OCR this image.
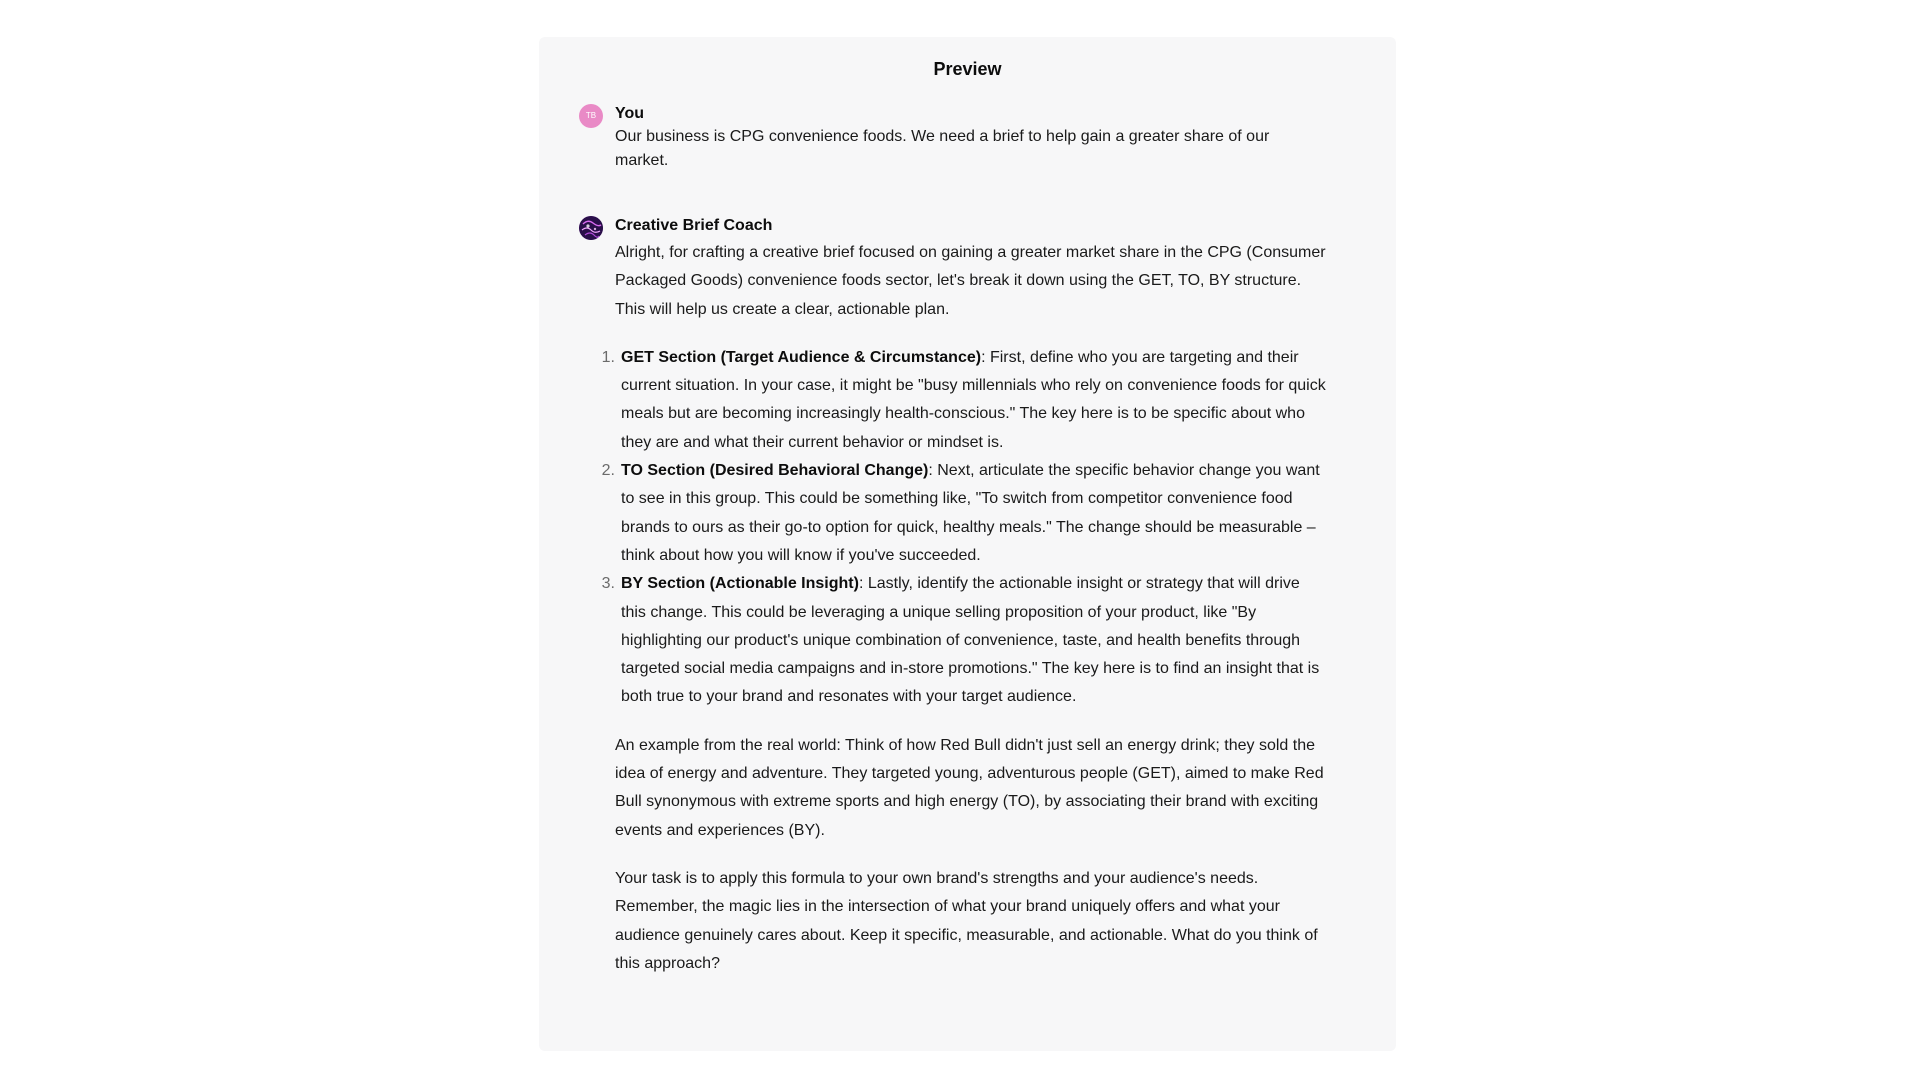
Preview
TB	You
Our business is CPG convenience foods. We need a brief to help gain a greater share of our market.
Creative Brief Coach

Alright, for crafting a creative brief focused on gaining a greater market share in the CPG (Consumer Packaged Goods) convenience foods sector, let's break it down using the GET, TO, BY structure. This will help us create a clear, actionable plan.

1. GET Section (Target Audience & Circumstance): First, define who you are targeting and their current situation. In your case, it might be "busy millennials who rely on convenience foods for quick meals but are becoming increasingly health-conscious." The key here is to be specific about who they are and what their current behavior or mindset is.
2. TO Section (Desired Behavioral Change): Next, articulate the specific behavior change you want to see in this group. This could be something like, "To switch from competitor convenience food brands to ours as their go-to option for quick, healthy meals." The change should be measurable – think about how you will know if you've succeeded.
3. BY Section (Actionable Insight): Lastly, identify the actionable insight or strategy that will drive this change. This could be leveraging a unique selling proposition of your product, like "By highlighting our product's unique combination of convenience, taste, and health benefits through targeted social media campaigns and in-store promotions." The key here is to find an insight that is both true to your brand and resonates with your target audience.

An example from the real world: Think of how Red Bull didn't just sell an energy drink; they sold the idea of energy and adventure. They targeted young, adventurous people (GET), aimed to make Red Bull synonymous with extreme sports and high energy (TO), by associating their brand with exciting events and experiences (BY).

Your task is to apply this formula to your own brand's strengths and your audience's needs. Remember, the magic lies in the intersection of what your brand uniquely offers and what your audience genuinely cares about. Keep it specific, measurable, and actionable. What do you think of this approach?
